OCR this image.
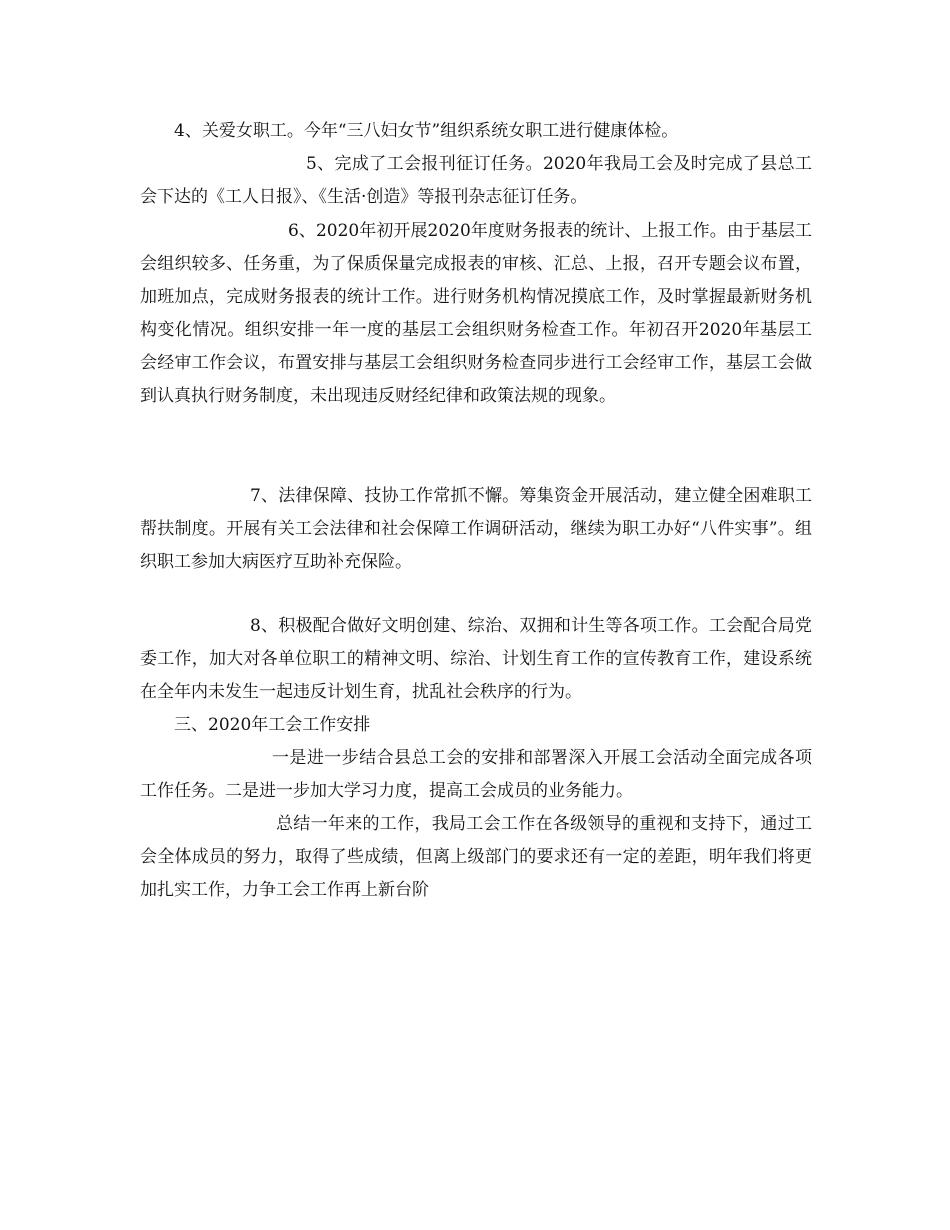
4、关爱女职工。今年“三八妇女节”组织系统女职工进行健康体检。

5、完成了工会报刊征订任务。2020年我局工会及时完成了县总工会下达的《工人日报》、《生活·创造》等报刊杂志征订任务。

6、2020年初开展2020年度财务报表的统计、上报工作。由于基层工会组织较多、任务重，为了保质保量完成报表的审核、汇总、上报，召开专题会议布置，加班加点，完成财务报表的统计工作。进行财务机构情况摸底工作，及时掌握最新财务机构变化情况。组织安排一年一度的基层工会组织财务检查工作。年初召开2020年基层工会经审工作会议，布置安排与基层工会组织财务检查同步进行工会经审工作，基层工会做到认真执行财务制度，未出现违反财经纪律和政策法规的现象。

7、法律保障、技协工作常抓不懈。筹集资金开展活动，建立健全困难职工帮扶制度。开展有关工会法律和社会保障工作调研活动，继续为职工办好“八件实事”。组织职工参加大病医疗互助补充保险。

8、积极配合做好文明创建、综治、双拥和计生等各项工作。工会配合局党委工作，加大对各单位职工的精神文明、综治、计划生育工作的宣传教育工作，建设系统在全年内未发生一起违反计划生育，扰乱社会秩序的行为。

三、2020年工会工作安排

一是进一步结合县总工会的安排和部署深入开展工会活动全面完成各项工作任务。二是进一步加大学习力度，提高工会成员的业务能力。

总结一年来的工作，我局工会工作在各级领导的重视和支持下，通过工会全体成员的努力，取得了些成绩，但离上级部门的要求还有一定的差距，明年我们将更加扎实工作，力争工会工作再上新台阶
